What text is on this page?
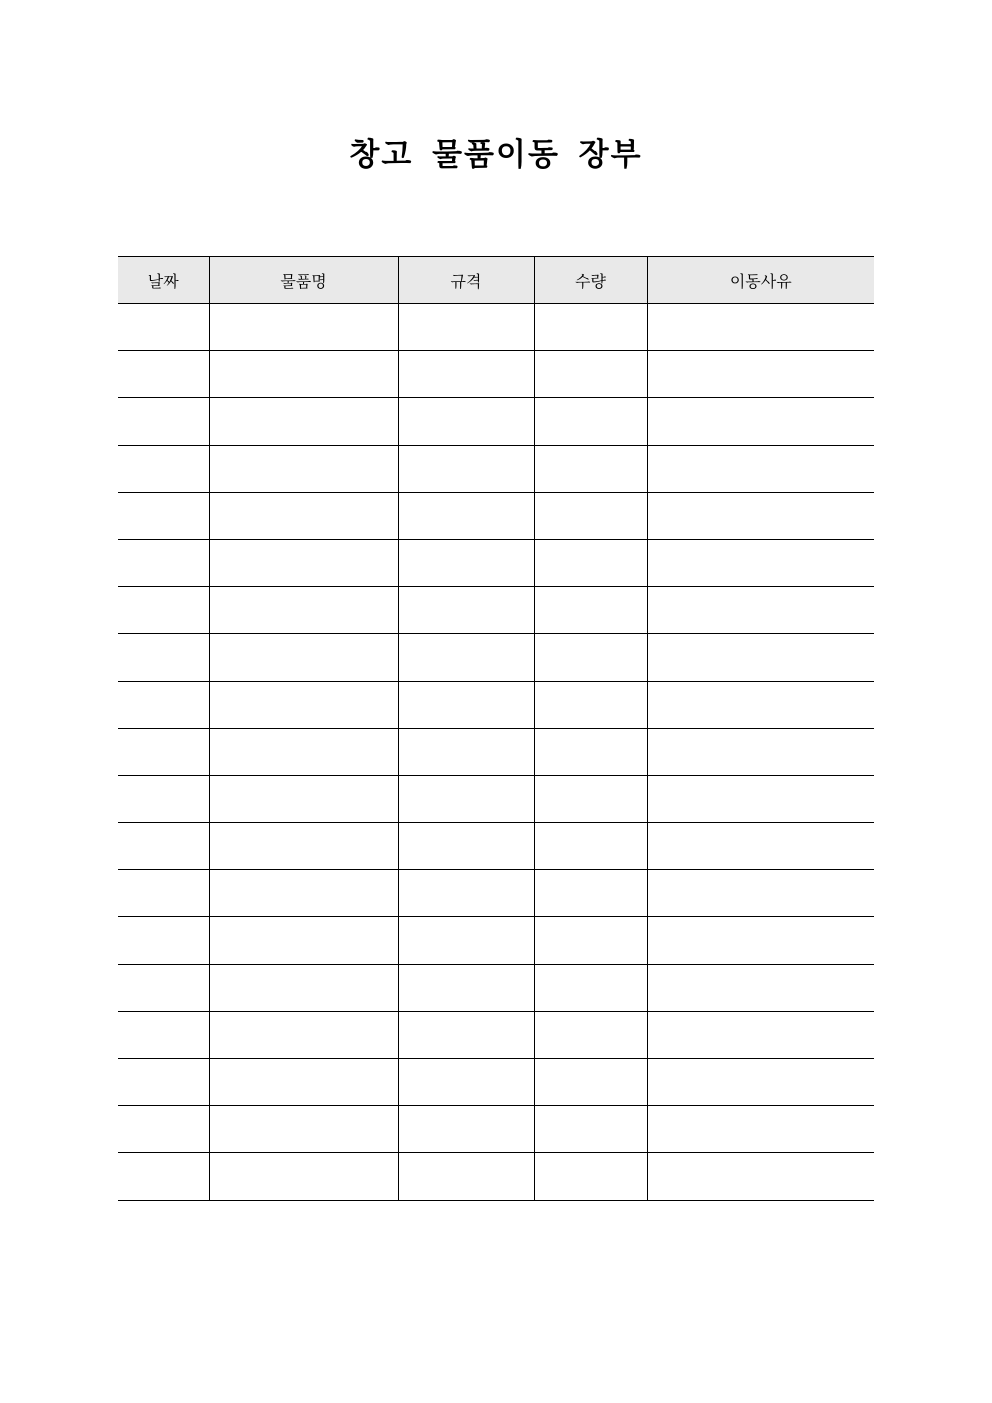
창고 물품이동 장부
날짜	물품명	규격	수량	이동사유
